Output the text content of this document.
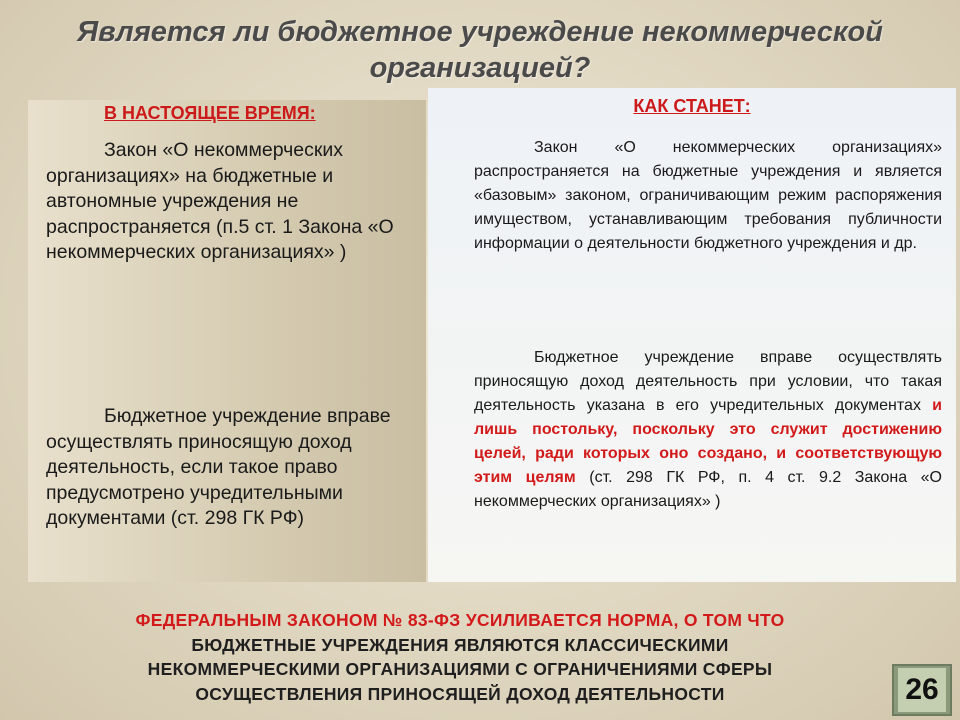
Является ли бюджетное учреждение некоммерческой
организацией?
В НАСТОЯЩЕЕ ВРЕМЯ:
Закон «О некоммерческих организациях» на бюджетные и автономные учреждения не распространяется (п.5 ст. 1 Закона «О некоммерческих организациях» )
Бюджетное учреждение вправе осуществлять приносящую доход деятельность, если такое право предусмотрено учредительными документами (ст. 298 ГК РФ)
КАК СТАНЕТ:
Закон «О некоммерческих организациях» распространяется на бюджетные учреждения и является «базовым» законом, ограничивающим режим распоряжения имуществом, устанавливающим требования публичности информации о деятельности бюджетного учреждения и др.
Бюджетное учреждение вправе осуществлять приносящую доход деятельность при условии, что такая деятельность указана в его учредительных документах и лишь постольку, поскольку это служит достижению целей, ради которых оно создано, и соответствующую этим целям (ст. 298 ГК РФ, п. 4 ст. 9.2 Закона «О некоммерческих организациях» )
ФЕДЕРАЛЬНЫМ ЗАКОНОМ № 83-ФЗ УСИЛИВАЕТСЯ НОРМА, О ТОМ ЧТО
БЮДЖЕТНЫЕ УЧРЕЖДЕНИЯ ЯВЛЯЮТСЯ КЛАССИЧЕСКИМИ
НЕКОММЕРЧЕСКИМИ ОРГАНИЗАЦИЯМИ С ОГРАНИЧЕНИЯМИ СФЕРЫ
ОСУЩЕСТВЛЕНИЯ ПРИНОСЯЩЕЙ ДОХОД ДЕЯТЕЛЬНОСТИ	26
